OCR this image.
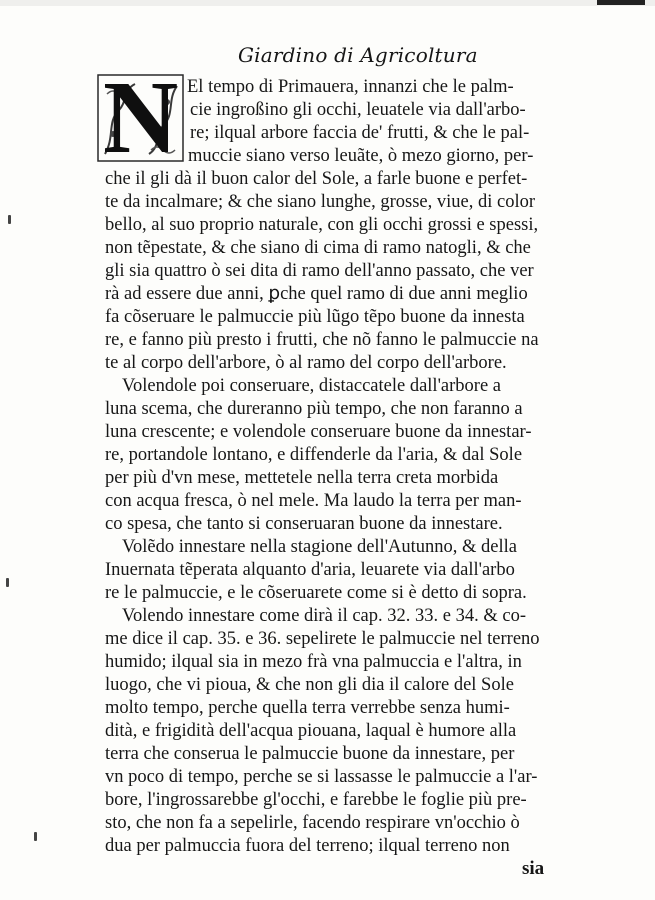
Giardino di Agricoltura
N El tempo di Primauera, innanzi che le palm-
cie ingroßino gli occhi, leuatele via dall'arbo-
re; ilqual arbore faccia de' frutti, & che le pal-
muccie siano verso leuãte, ò mezo giorno, per-
che il gli dà il buon calor del Sole, a farle buone e perfet-
te da incalmare; & che siano lunghe, grosse, viue, di color
bello, al suo proprio naturale, con gli occhi grossi e spessi,
non tẽpestate, & che siano di cima di ramo natogli, & che
gli sia quattro ò sei dita di ramo dell'anno passato, che ver
rà ad essere due anni, ꝑche quel ramo di due anni meglio
fa cõseruare le palmuccie più lũgo tẽpo buone da innesta
re, e fanno più presto i frutti, che nõ fanno le palmuccie na
te al corpo dell'arbore, ò al ramo del corpo dell'arbore.
Volendole poi conseruare, distaccatele dall'arbore a
luna scema, che dureranno più tempo, che non faranno a
luna crescente; e volendole conseruare buone da innestar-
re, portandole lontano, e diffenderle da l'aria, & dal Sole
per più d'vn mese, mettetele nella terra creta morbida
con acqua fresca, ò nel mele. Ma laudo la terra per man-
co spesa, che tanto si conseruaran buone da innestare.
Volẽdo innestare nella stagione dell'Autunno, & della
Inuernata tẽperata alquanto d'aria, leuarete via dall'arbo
re le palmuccie, e le cõseruarete come si è detto di sopra.
Volendo innestare come dirà il cap. 32. 33. e 34. & co-
me dice il cap. 35. e 36. sepelirete le palmuccie nel terreno
humido; ilqual sia in mezo frà vna palmuccia e l'altra, in
luogo, che vi pioua, & che non gli dia il calore del Sole
molto tempo, perche quella terra verrebbe senza humi-
dità, e frigidità dell'acqua piouana, laqual è humore alla
terra che conserua le palmuccie buone da innestare, per
vn poco di tempo, perche se si lassasse le palmuccie a l'ar-
bore, l'ingrossarebbe gl'occhi, e farebbe le foglie più pre-
sto, che non fa a sepelirle, facendo respirare vn'occhio ò
dua per palmuccia fuora del terreno; ilqual terreno non
sia
